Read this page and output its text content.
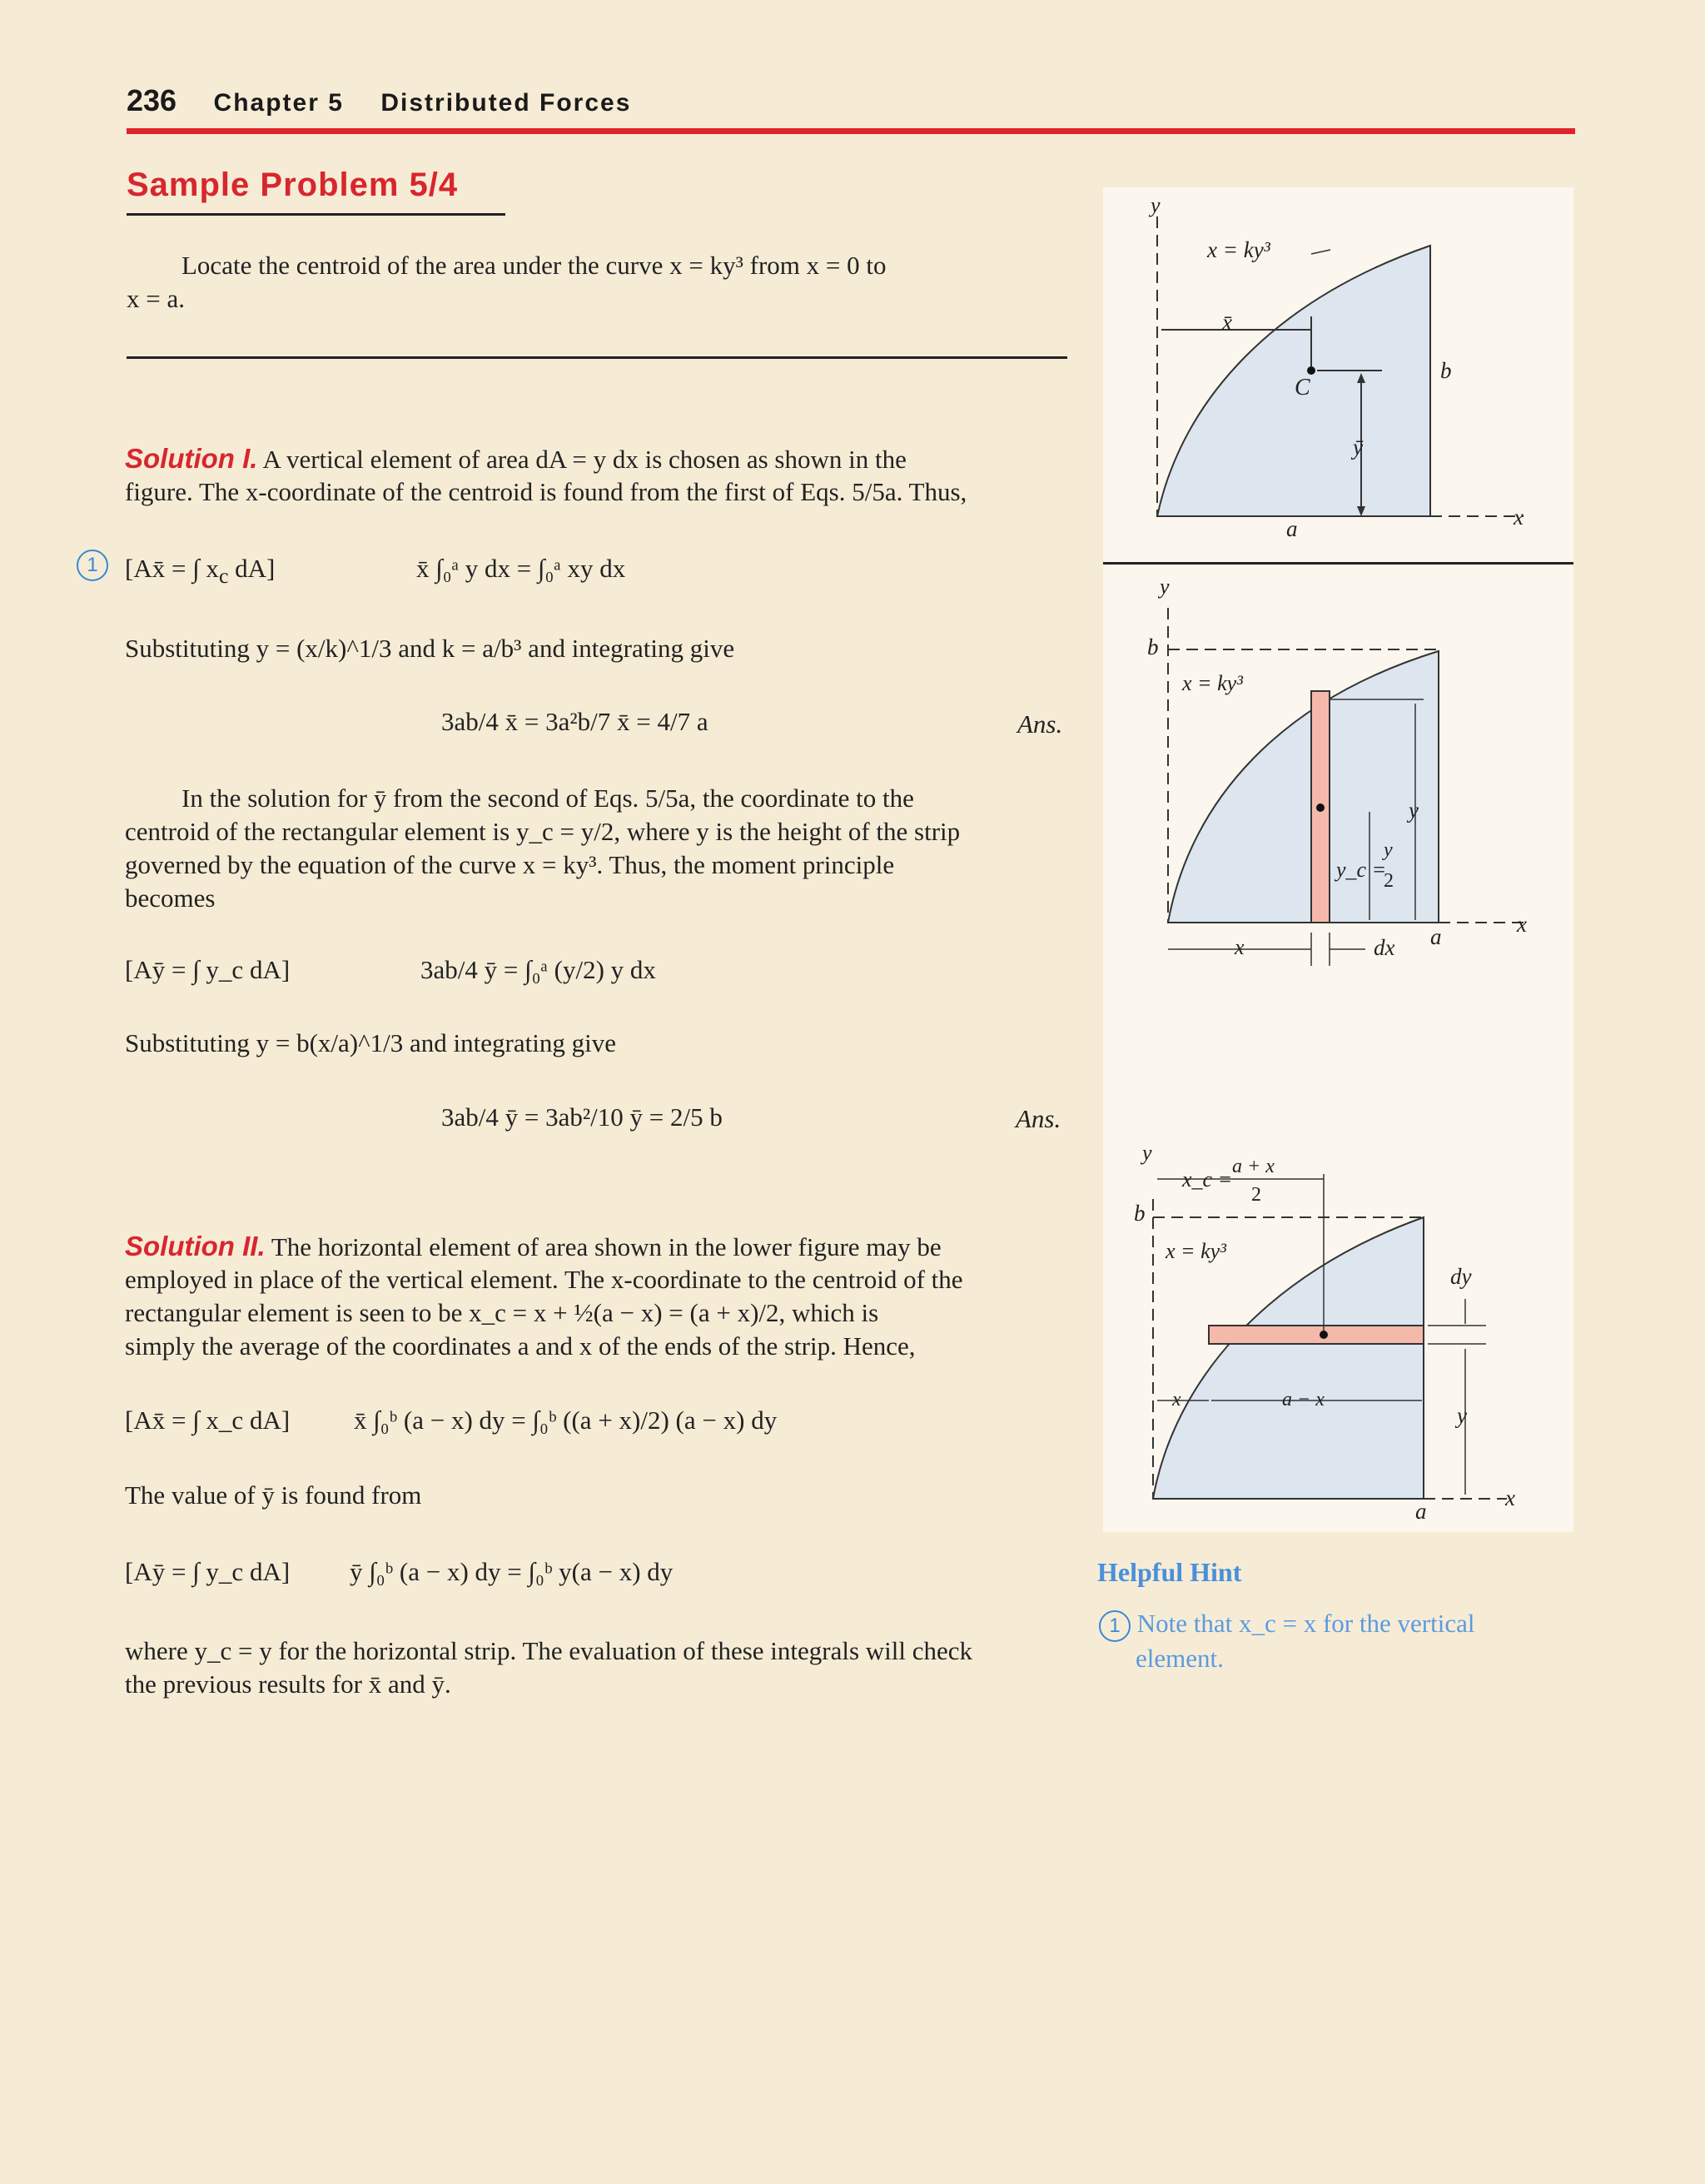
236 Chapter 5 Distributed Forces
Sample Problem 5/4
Locate the centroid of the area under the curve x = ky³ from x = 0 to
x = a.
Solution I. A vertical element of area dA = y dx is chosen as shown in the
figure. The x-coordinate of the centroid is found from the first of Eqs. 5/5a. Thus,
1	[Ax̄ = ∫ $x_c$ dA]	x̄ ∫₀ᵃ y dx = ∫₀ᵃ xy dx
Substituting y = (x/k)^1/3 and k = a/b³ and integrating give
3ab/4 x̄ = 3a²b/7 x̄ = 4/7 a	Ans.
In the solution for ȳ from the second of Eqs. 5/5a, the coordinate to the
centroid of the rectangular element is y_c = y/2, where y is the height of the strip
governed by the equation of the curve x = ky³. Thus, the moment principle
becomes
[Aȳ = ∫ y_c dA]	3ab/4 ȳ = ∫₀ᵃ (y/2) y dx
Substituting y = b(x/a)^1/3 and integrating give
3ab/4 ȳ = 3ab²/10 ȳ = 2/5 b	Ans.
Solution II. The horizontal element of area shown in the lower figure may be
employed in place of the vertical element. The x-coordinate to the centroid of the
rectangular element is seen to be x_c = x + ½(a − x) = (a + x)/2, which is
simply the average of the coordinates a and x of the ends of the strip. Hence,
[Ax̄ = ∫ x_c dA] x̄ ∫₀ᵇ (a − x) dy = ∫₀ᵇ ((a + x)/2) (a − x) dy
The value of ȳ is found from
[Aȳ = ∫ y_c dA] ȳ ∫₀ᵇ (a − x) dy = ∫₀ᵇ y(a − x) dy
where y_c = y for the horizontal strip. The evaluation of these integrals will check
the previous results for x̄ and ȳ.
y
x = ky³
x̄
C
ȳ
b
a	x
y
b
x = ky³
y
y_c =
y
2
x	dx a	x
y
x_c =
a + x
2
b
x = ky³
dy
x	a − x
y
a
x
Helpful Hint
1 Note that x_c = x for the vertical
element.
